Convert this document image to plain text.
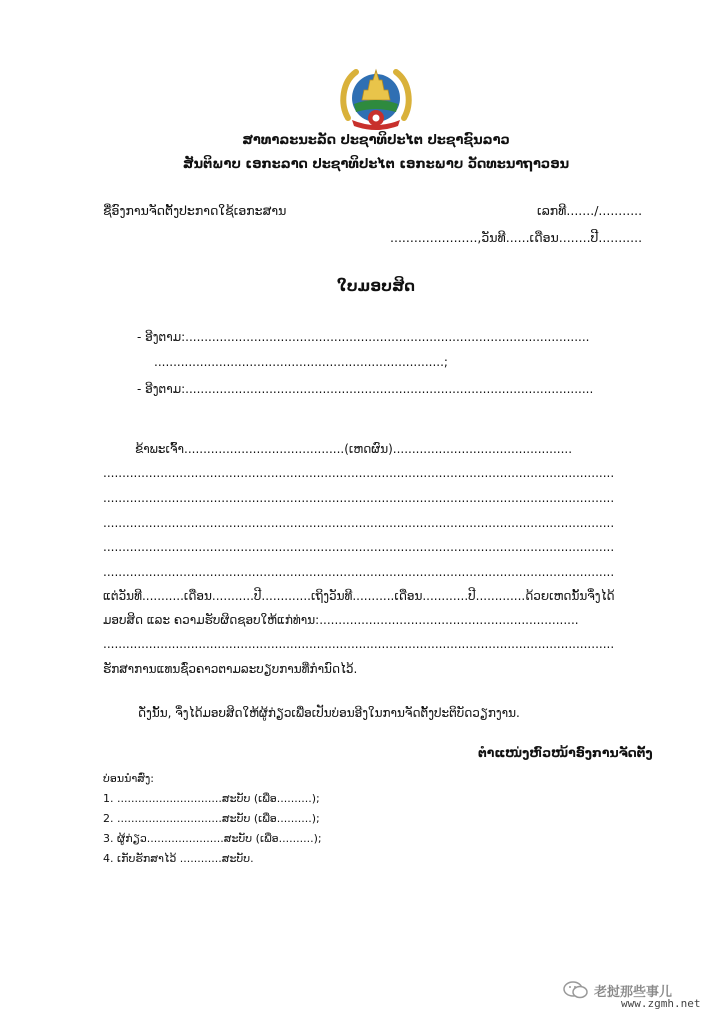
ສາທາລະນະລັດ ປະຊາທິປະໄຕ ປະຊາຊົນລາວ
ສັນຕິພາບ ເອກະລາດ ປະຊາທິປະໄຕ ເອກະພາບ ວັດທະນາຖາວອນ
ຊື່ອົງການຈັດຕັ້ງປະກາດໃຊ້ເອກະສານ	ເລກທີ......./...........
......................,ວັນທີ......ເດືອນ........ປີ...........
ໃບມອບສິດ
- ອີງຕາມ:..........................................................................................................
............................................................................;
- ອີງຕາມ:...........................................................................................................
ຂ້າພະເຈົ້າ..........................................(ເຫດຜົນ)...............................................
......................................................................................................................................
......................................................................................................................................
......................................................................................................................................
......................................................................................................................................
......................................................................................................................................
ແຕ່ວັນທີ...........ເດືອນ...........ປີ.............ເຖິງວັນທີ...........ເດືອນ............ປີ.............ດ້ວຍເຫດນັ້ນຈຶ່ງໄດ້
ມອບສິດ ແລະ ຄວາມຮັບຜິດຊອບໃຫ້ແກ່ທ່ານ:....................................................................
......................................................................................................................................
ຮັກສາການແທນຊົ່ວຄາວຕາມລະບຽບການທີ່ກຳນົດໄວ້.
ດັ່ງນັ້ນ, ຈຶ່ງໄດ້ມອບສິດໃຫ້ຜູ້ກ່ຽວເພື່ອເປັນບ່ອນອີງໃນການຈັດຕັ້ງປະຕິບັດວຽກງານ.
ຕຳແໜ່ງຫົວໜ້າອົງການຈັດຕັ້ງ
ບ່ອນນຳສົ່ງ:
1. ..............................ສະບັບ (ເພື່ອ..........);
2. ..............................ສະບັບ (ເພື່ອ..........);
3. ຜູ້ກ່ຽວ......................ສະບັບ (ເພື່ອ..........);
4. ເກັບຮັກສາໄວ້ ............ສະບັບ.
老挝那些事儿
www.zgmh.net
